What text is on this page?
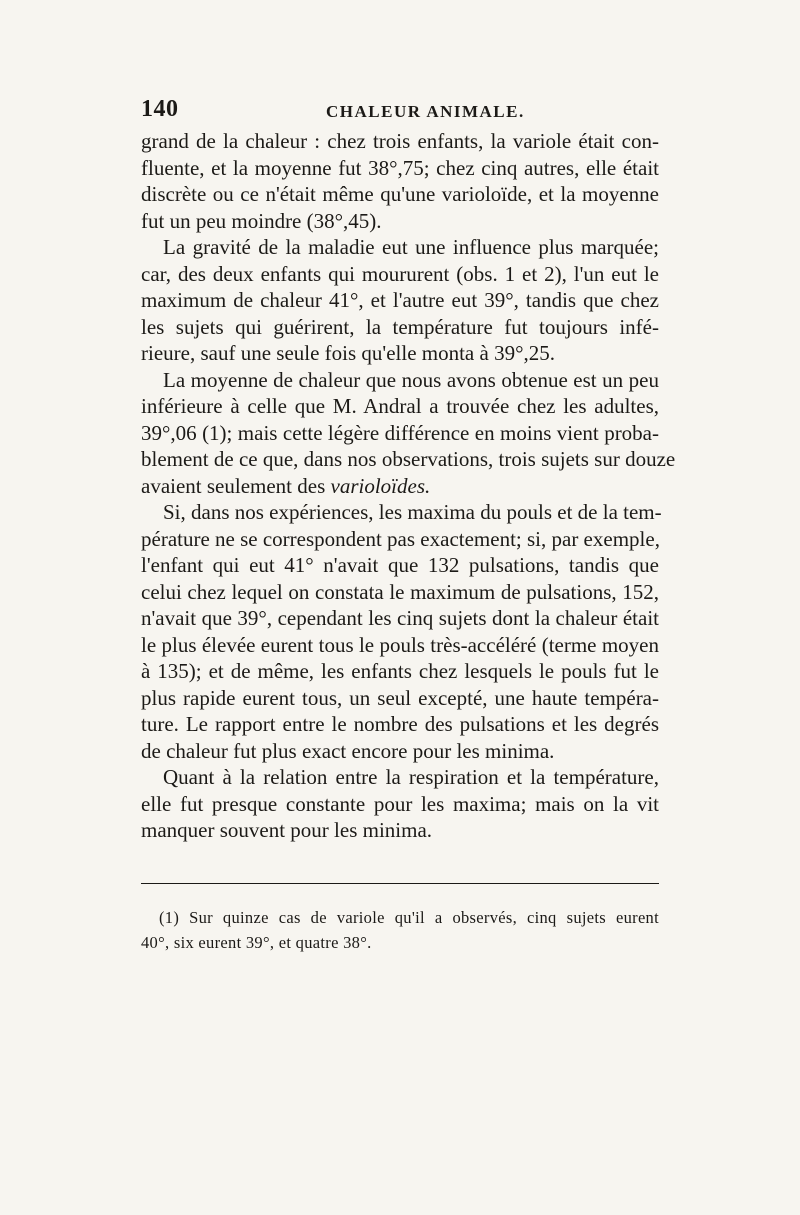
140	CHALEUR ANIMALE.
grand de la chaleur : chez trois enfants, la variole était con-
fluente, et la moyenne fut 38°,75; chez cinq autres, elle était
discrète ou ce n'était même qu'une varioloïde, et la moyenne
fut un peu moindre (38°,45).
La gravité de la maladie eut une influence plus marquée;
car, des deux enfants qui moururent (obs. 1 et 2), l'un eut le
maximum de chaleur 41°, et l'autre eut 39°, tandis que chez
les sujets qui guérirent, la température fut toujours infé-
rieure, sauf une seule fois qu'elle monta à 39°,25.
La moyenne de chaleur que nous avons obtenue est un peu
inférieure à celle que M. Andral a trouvée chez les adultes,
39°,06 (1); mais cette légère différence en moins vient proba-
blement de ce que, dans nos observations, trois sujets sur douze
avaient seulement des varioloïdes.
Si, dans nos expériences, les maxima du pouls et de la tem-
pérature ne se correspondent pas exactement; si, par exemple,
l'enfant qui eut 41° n'avait que 132 pulsations, tandis que
celui chez lequel on constata le maximum de pulsations, 152,
n'avait que 39°, cependant les cinq sujets dont la chaleur était
le plus élevée eurent tous le pouls très-accéléré (terme moyen
à 135); et de même, les enfants chez lesquels le pouls fut le
plus rapide eurent tous, un seul excepté, une haute tempéra-
ture. Le rapport entre le nombre des pulsations et les degrés
de chaleur fut plus exact encore pour les minima.
Quant à la relation entre la respiration et la température,
elle fut presque constante pour les maxima; mais on la vit
manquer souvent pour les minima.
(1) Sur quinze cas de variole qu'il a observés, cinq sujets eurent
40°, six eurent 39°, et quatre 38°.
